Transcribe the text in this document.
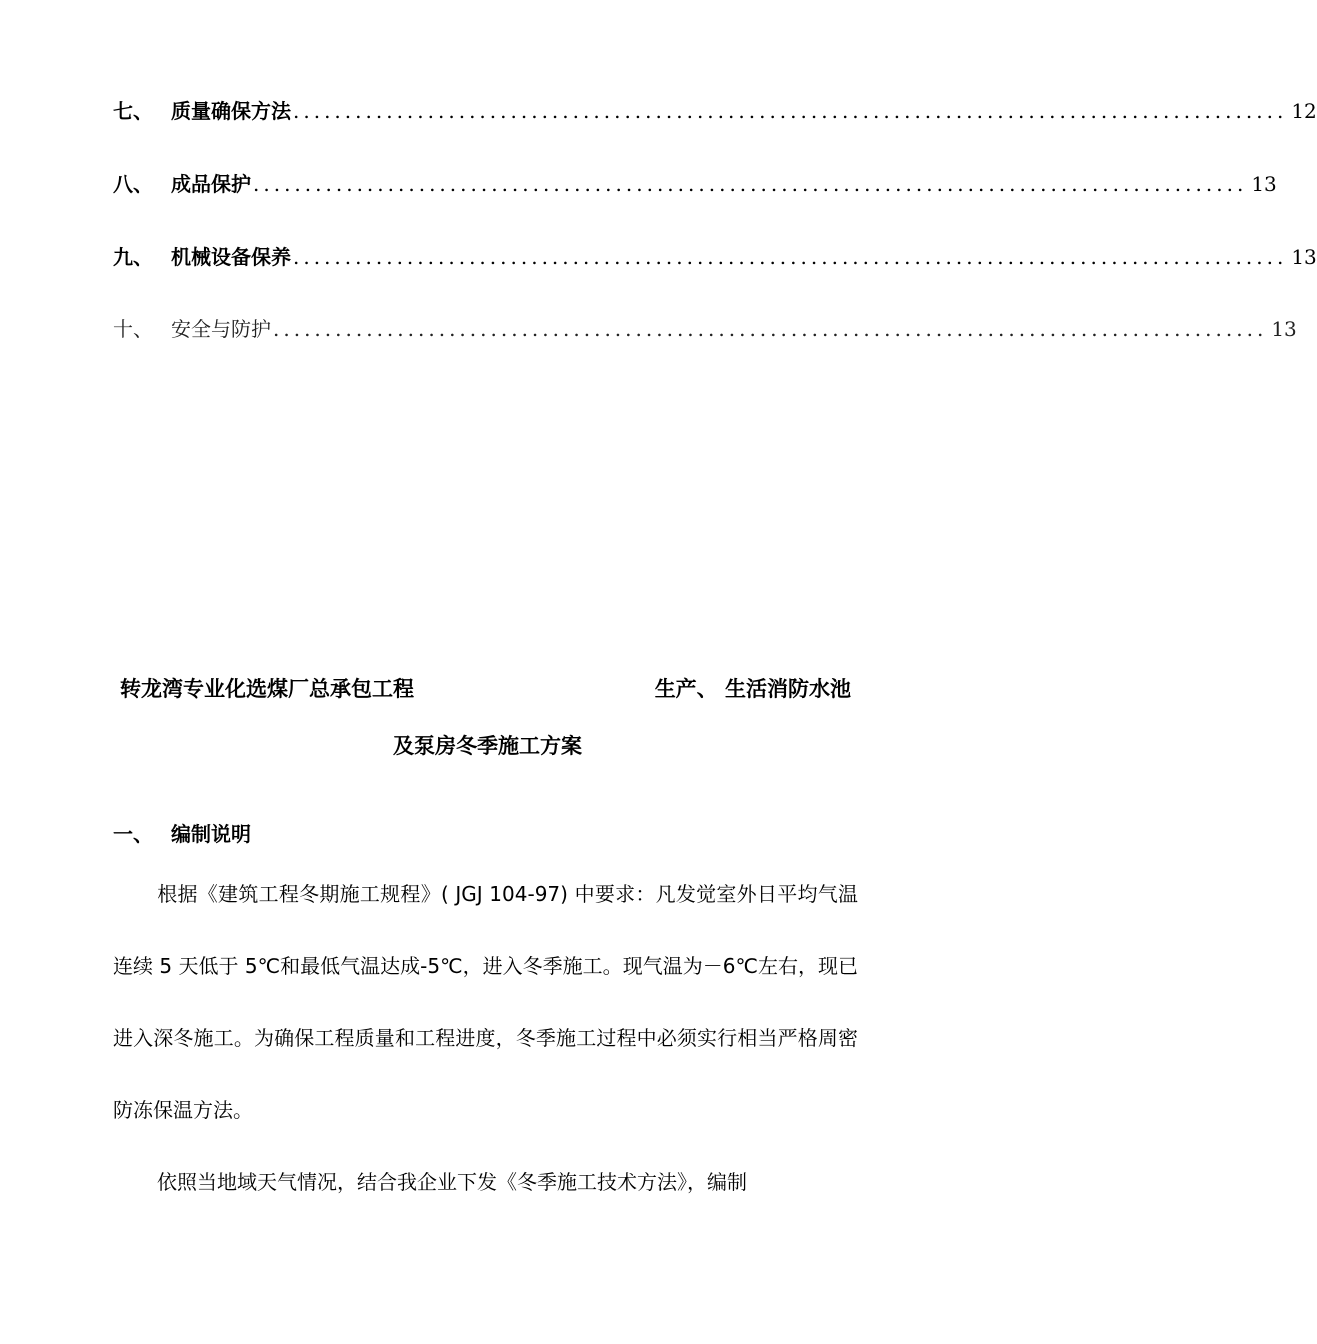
七、 质量确保方法 ................................................................................................ 12
八、 成品保护 ................................................................................................ 13
九、 机械设备保养 ................................................................................................ 13
十、 安全与防护 ................................................................................................ 13
转龙湾专业化选煤厂总承包工程	生产、 生活消防水池
及泵房冬季施工方案
一、 编制说明
根据《建筑工程冬期施工规程》( JGJ 104-97) 中要求：凡发觉室外日平均气温连续 5 天低于 5℃和最低气温达成-5℃，进入冬季施工。现气温为－6℃左右，现已进入深冬施工。为确保工程质量和工程进度，冬季施工过程中必须实行相当严格周密防冻保温方法。
依照当地域天气情况，结合我企业下发《冬季施工技术方法》，编制
